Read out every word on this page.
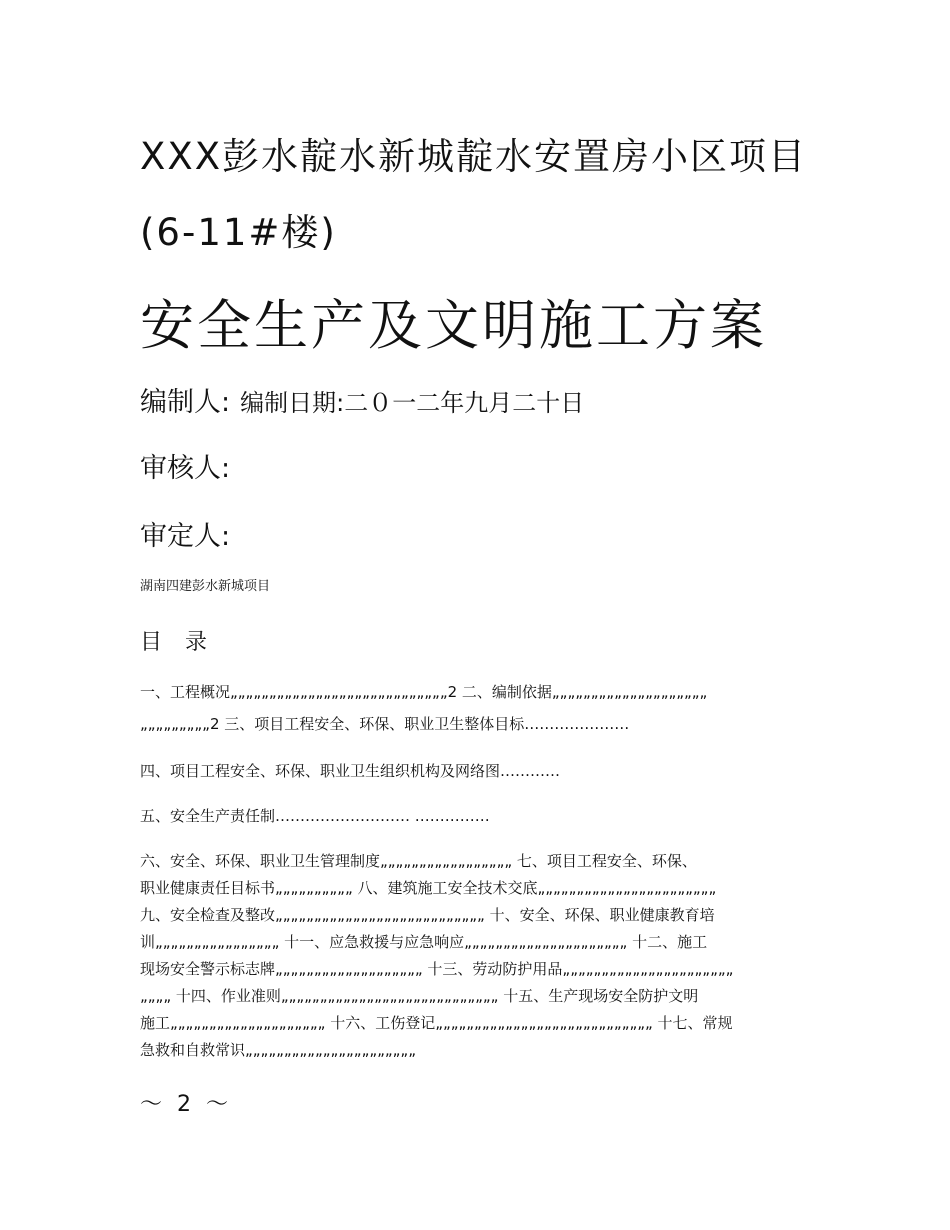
XXX彭水靛水新城靛水安置房小区项目
(6-11#楼)
安全生产及文明施工方案
编制人: 编制日期:二０一二年九月二十日
审核人:
审定人:
湖南四建彭水新城项目
目 录
一、工程概况„„„„„„„„„„„„„„„„„„„„„„„„„„„„2 二、编制依据„„„„„„„„„„„„„„„„„„„„
„„„„„„„„„2 三、项目工程安全、环保、职业卫生整体目标…………………
四、项目工程安全、环保、职业卫生组织机构及网络图…………
五、安全生产责任制……………………… ……………
六、安全、环保、职业卫生管理制度„„„„„„„„„„„„„„„„„ 七、项目工程安全、环保、
职业健康责任目标书„„„„„„„„„„ 八、建筑施工安全技术交底„„„„„„„„„„„„„„„„„„„„„„„
九、安全检查及整改„„„„„„„„„„„„„„„„„„„„„„„„„„„ 十、安全、环保、职业健康教育培
训„„„„„„„„„„„„„„„„ 十一、应急救援与应急响应„„„„„„„„„„„„„„„„„„„„„ 十二、施工
现场安全警示标志牌„„„„„„„„„„„„„„„„„„„ 十三、劳动防护用品„„„„„„„„„„„„„„„„„„„„„„
„„„„ 十四、作业准则„„„„„„„„„„„„„„„„„„„„„„„„„„„„ 十五、生产现场安全防护文明
施工„„„„„„„„„„„„„„„„„„„„ 十六、工伤登记„„„„„„„„„„„„„„„„„„„„„„„„„„„„ 十七、常规
急救和自救常识„„„„„„„„„„„„„„„„„„„„„„
～ 2 ～
